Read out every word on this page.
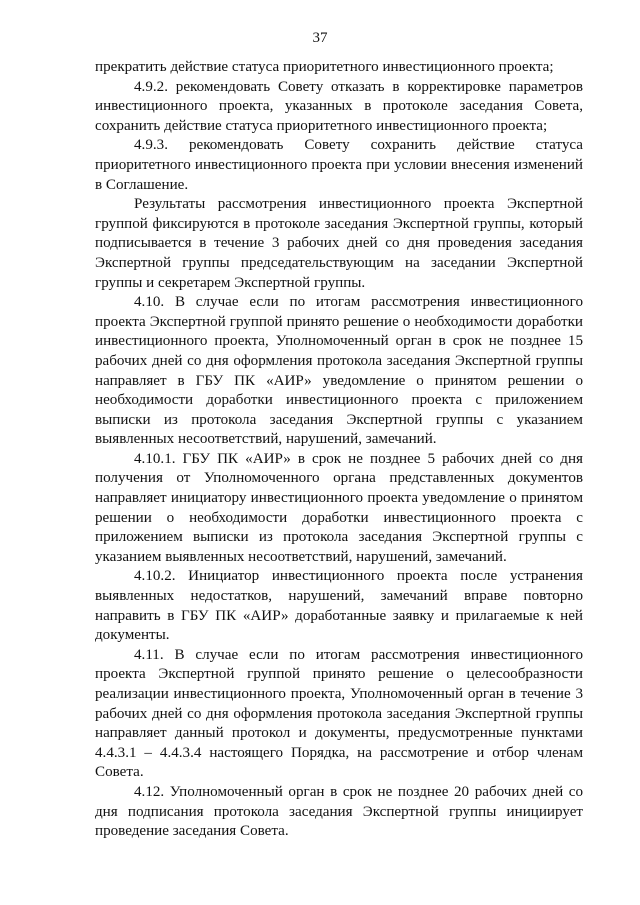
37

прекратить действие статуса приоритетного инвестиционного проекта;

4.9.2. рекомендовать Совету отказать в корректировке параметров инвестиционного проекта, указанных в протоколе заседания Совета, сохранить действие статуса приоритетного инвестиционного проекта;

4.9.3. рекомендовать Совету сохранить действие статуса приоритетного инвестиционного проекта при условии внесения изменений в Соглашение.

Результаты рассмотрения инвестиционного проекта Экспертной группой фиксируются в протоколе заседания Экспертной группы, который подписывается в течение 3 рабочих дней со дня проведения заседания Экспертной группы председательствующим на заседании Экспертной группы и секретарем Экспертной группы.

4.10. В случае если по итогам рассмотрения инвестиционного проекта Экспертной группой принято решение о необходимости доработки инвестиционного проекта, Уполномоченный орган в срок не позднее 15 рабочих дней со дня оформления протокола заседания Экспертной группы направляет в ГБУ ПК «АИР» уведомление о принятом решении о необходимости доработки инвестиционного проекта с приложением выписки из протокола заседания Экспертной группы с указанием выявленных несоответствий, нарушений, замечаний.

4.10.1. ГБУ ПК «АИР» в срок не позднее 5 рабочих дней со дня получения от Уполномоченного органа представленных документов направляет инициатору инвестиционного проекта уведомление о принятом решении о необходимости доработки инвестиционного проекта с приложением выписки из протокола заседания Экспертной группы с указанием выявленных несоответствий, нарушений, замечаний.

4.10.2. Инициатор инвестиционного проекта после устранения выявленных недостатков, нарушений, замечаний вправе повторно направить в ГБУ ПК «АИР» доработанные заявку и прилагаемые к ней документы.

4.11. В случае если по итогам рассмотрения инвестиционного проекта Экспертной группой принято решение о целесообразности реализации инвестиционного проекта, Уполномоченный орган в течение 3 рабочих дней со дня оформления протокола заседания Экспертной группы направляет данный протокол и документы, предусмотренные пунктами 4.4.3.1 – 4.4.3.4 настоящего Порядка, на рассмотрение и отбор членам Совета.

4.12. Уполномоченный орган в срок не позднее 20 рабочих дней со дня подписания протокола заседания Экспертной группы инициирует проведение заседания Совета.
